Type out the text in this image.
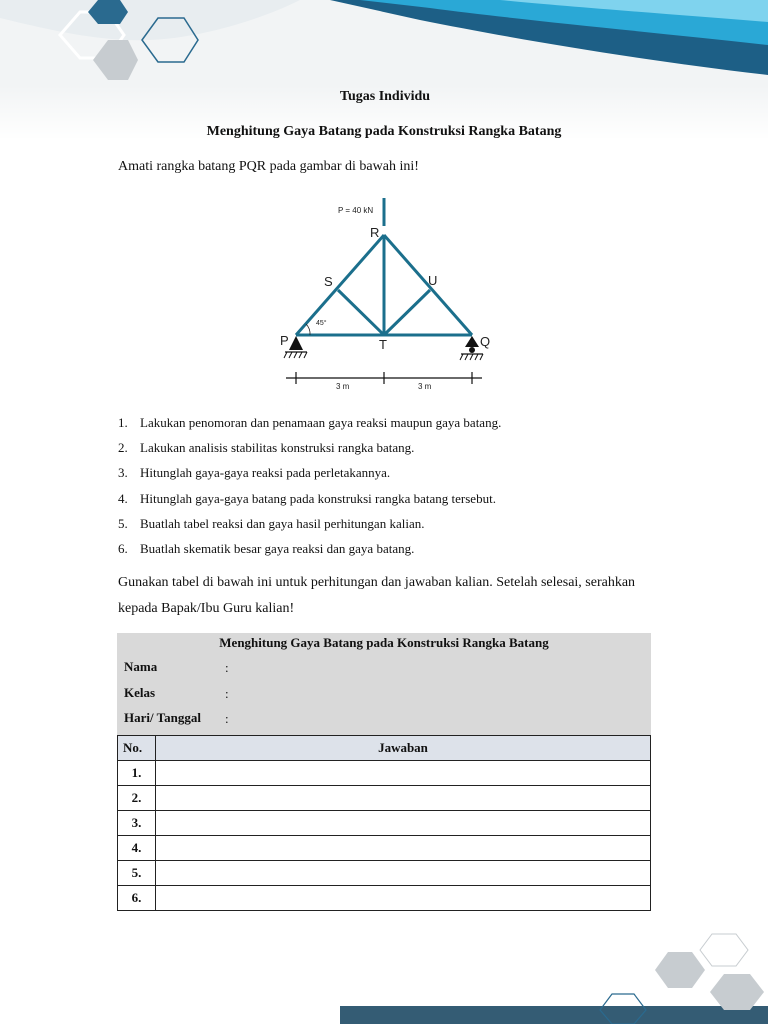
Tugas Individu
Menghitung Gaya Batang pada Konstruksi Rangka Batang
Amati rangka batang PQR pada gambar di bawah ini!
P = 40 kN
45°
R
S	U
P	T	Q
3 m	3 m
1. Lakukan penomoran dan penamaan gaya reaksi maupun gaya batang.
2. Lakukan analisis stabilitas konstruksi rangka batang.
3. Hitunglah gaya-gaya reaksi pada perletakannya.
4. Hitunglah gaya-gaya batang pada konstruksi rangka batang tersebut.
5. Buatlah tabel reaksi dan gaya hasil perhitungan kalian.
6. Buatlah skematik besar gaya reaksi dan gaya batang.
Gunakan tabel di bawah ini untuk perhitungan dan jawaban kalian. Setelah selesai, serahkan kepada Bapak/Ibu Guru kalian!
Menghitung Gaya Batang pada Konstruksi Rangka Batang
Nama	:
Kelas	:
Hari/ Tanggal :
No.	Jawaban
1.	
2.	
3.	
4.	
5.	
6.	
